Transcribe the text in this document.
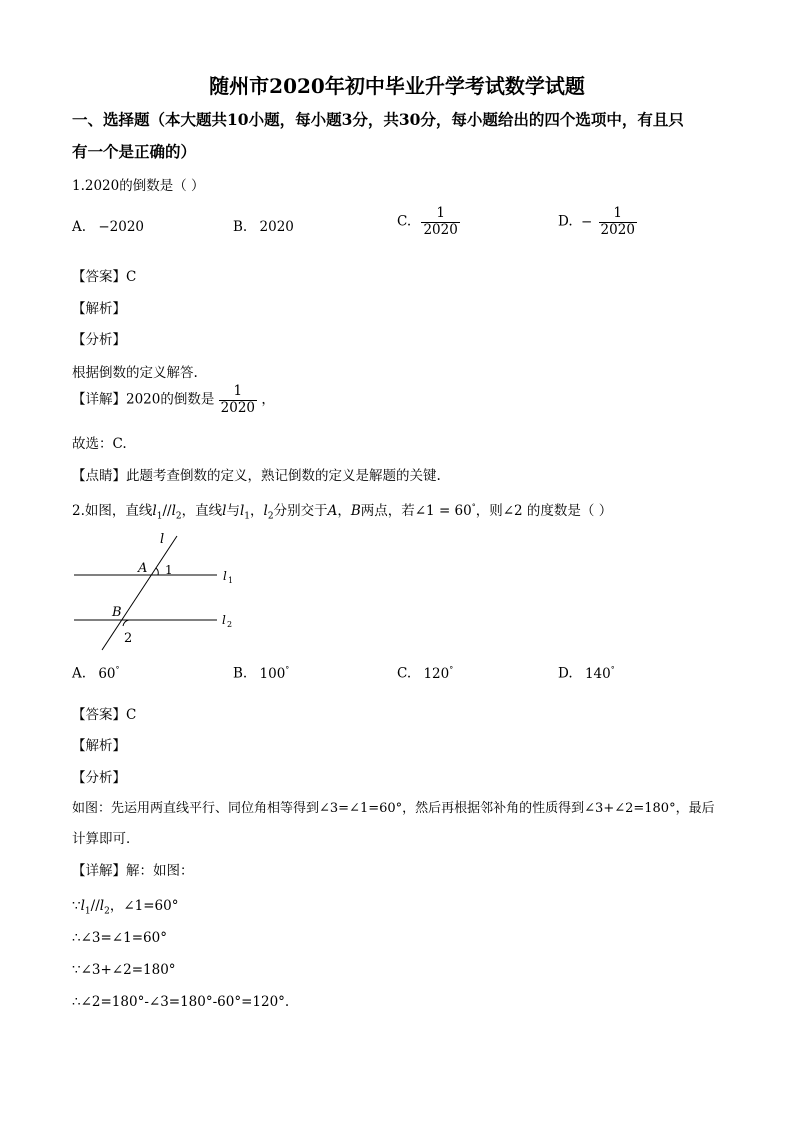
随州市2020年初中毕业升学考试数学试题
一、选择题（本大题共10小题，每小题3分，共30分，每小题给出的四个选项中，有且只
有一个是正确的）
1.2020的倒数是（ ）
A. −2020	B. 2020	C. $\frac{1}{2020}$	D. − $\frac{1}{2020}$
【答案】C
【解析】
【分析】
根据倒数的定义解答.
【详解】2020的倒数是 $\frac{1}{2020}$ ，
故选：C.
【点睛】此题考查倒数的定义，熟记倒数的定义是解题的关键.
2.如图，直线$l_1//l_2$，直线l与$l_1$，$l_2$分别交于A，B两点，若∠1 = 60°，则∠2 的度数是（ ）
l
A 1	l 1
B	l 2
2
A. 60°	B. 100°	C. 120°	D. 140°
【答案】C
【解析】
【分析】
如图：先运用两直线平行、同位角相等得到∠3=∠1=60°，然后再根据邻补角的性质得到∠3+∠2=180°，最后
计算即可．
【详解】解：如图：
$\because l_1//l_2$，∠1=60°
∴∠3=∠1=60°
∵∠3+∠2=180°
∴∠2=180°-∠3=180°-60°=120°.
